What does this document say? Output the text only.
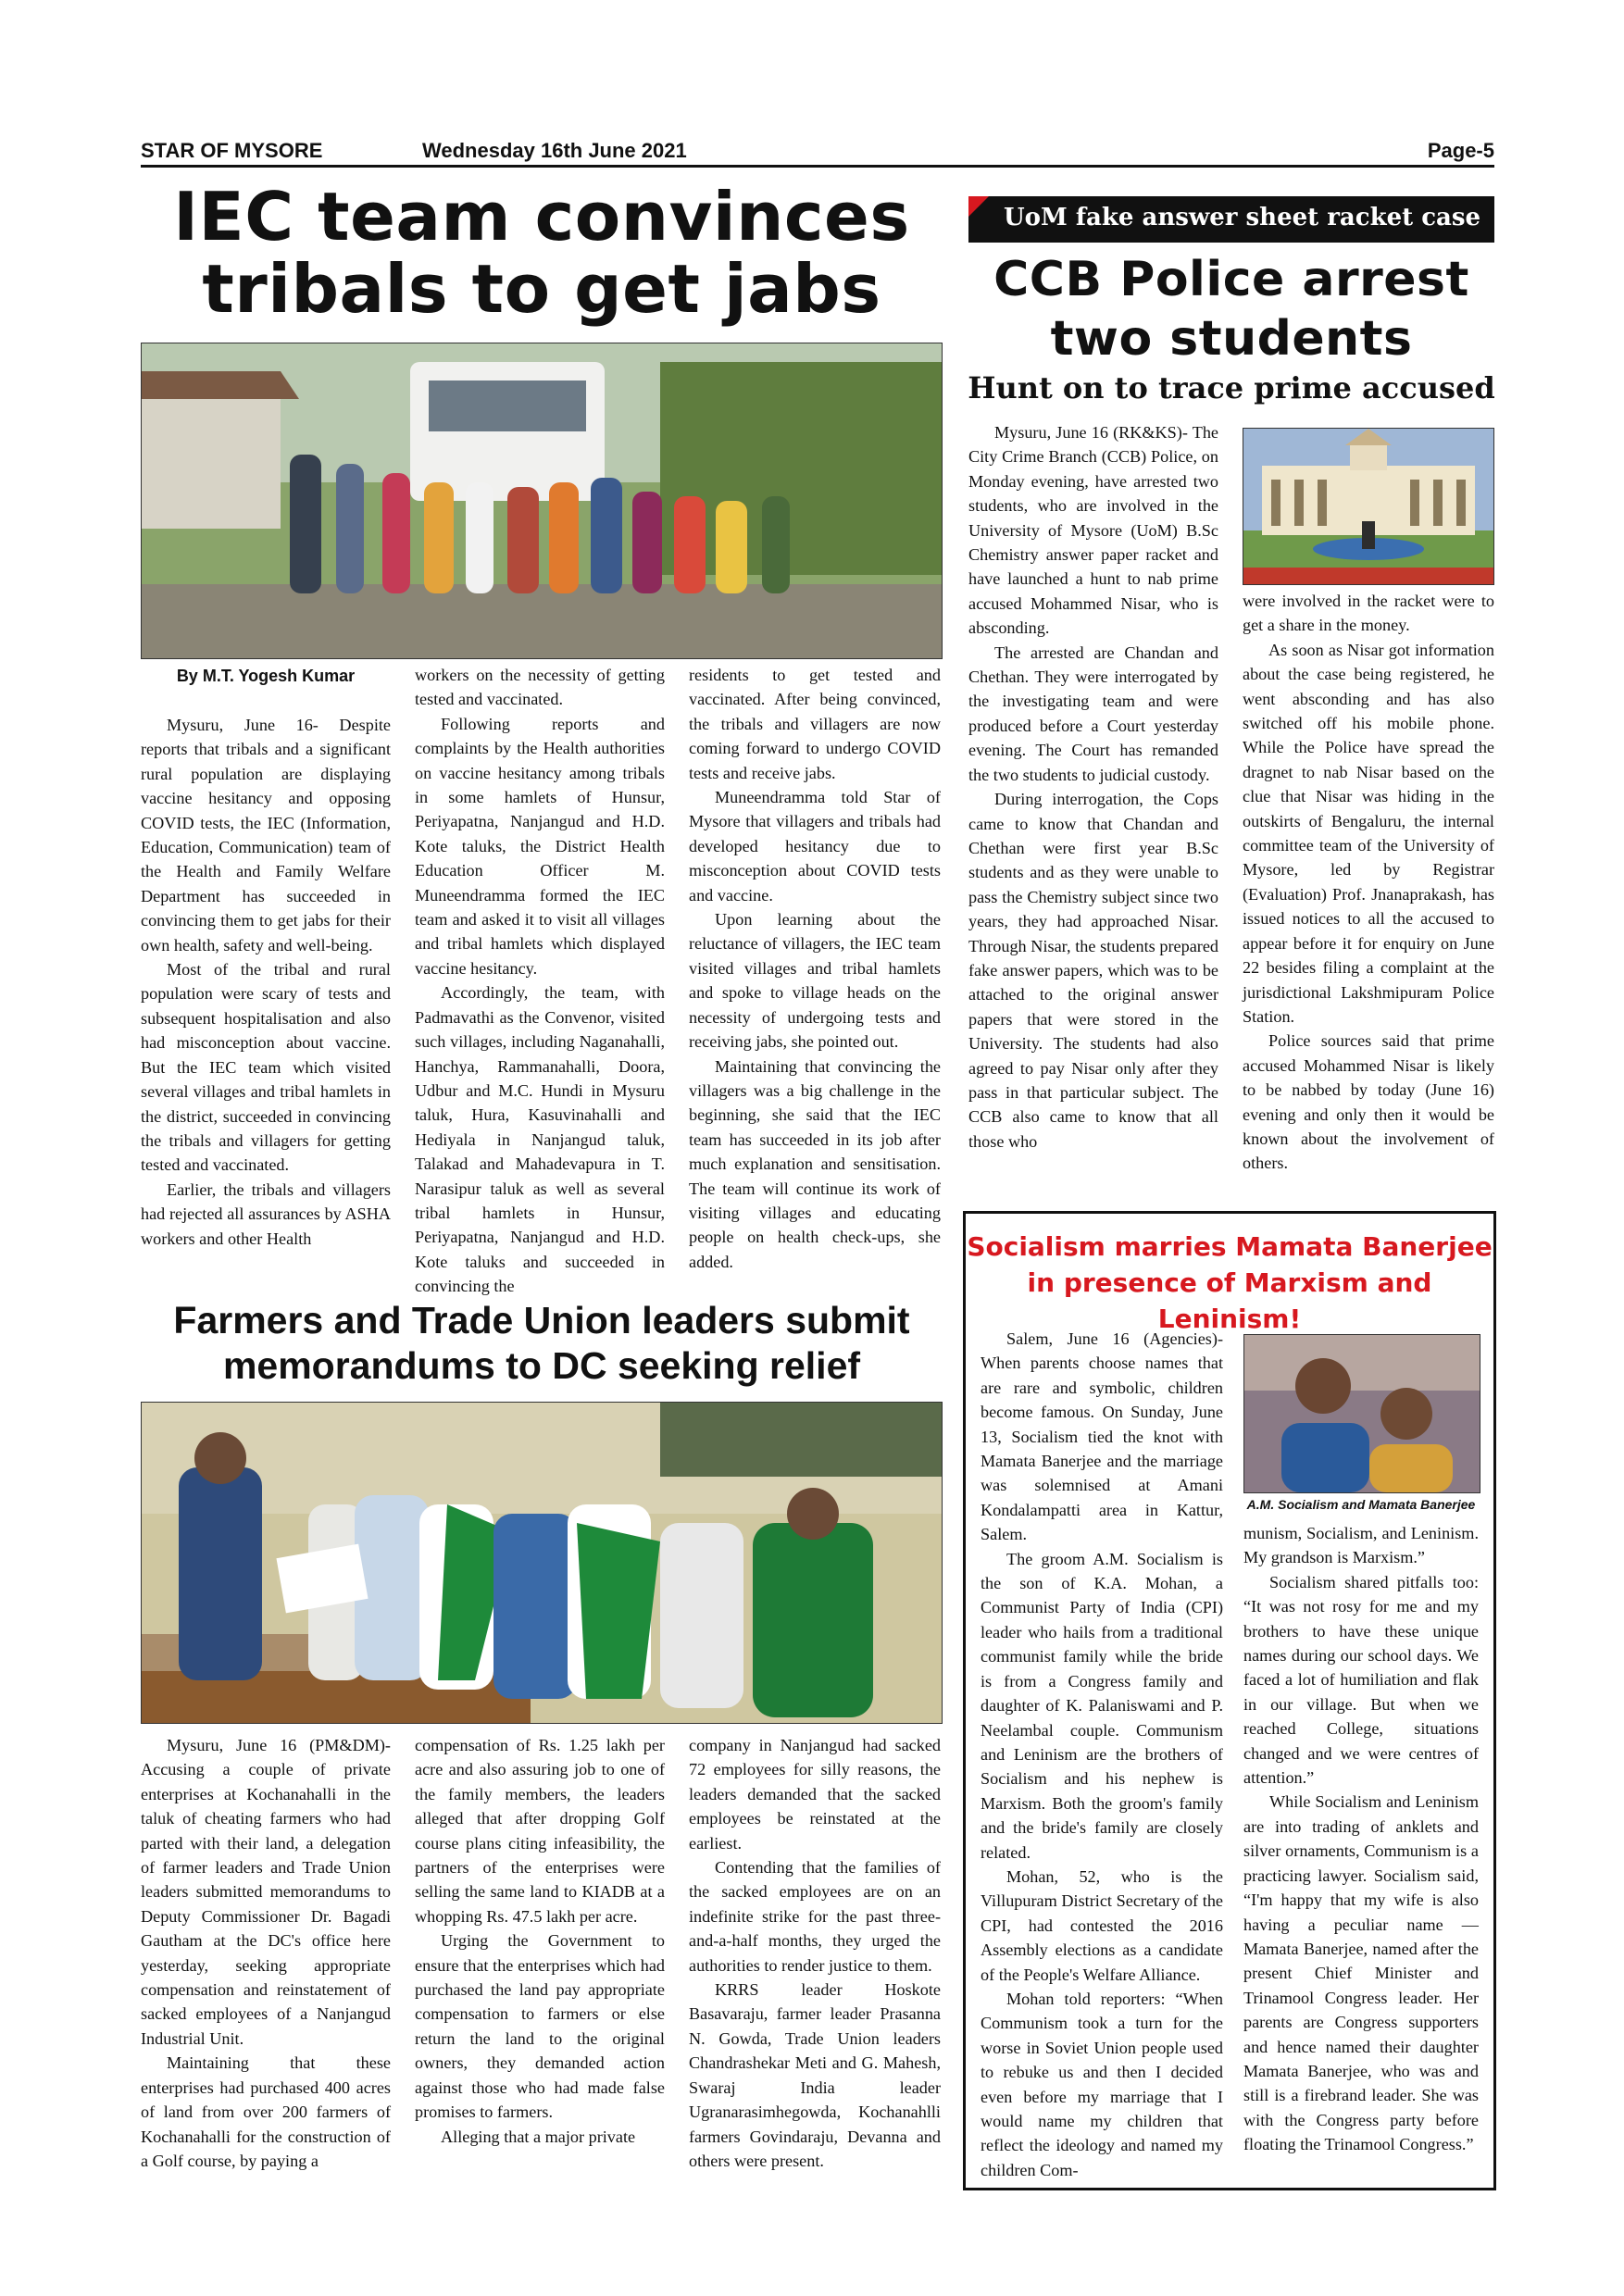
STAR OF MYSORE	Wednesday 16th June 2021	Page-5
IEC team convinces
tribals to get jabs
By M.T. Yogesh Kumar

Mysuru, June 16- Despite reports that tribals and a significant rural population are displaying vaccine hesitancy and opposing COVID tests, the IEC (Information, Education, Communication) team of the Health and Family Welfare Department has succeeded in convincing them to get jabs for their own health, safety and well-being.

Most of the tribal and rural population were scary of tests and subsequent hospitalisation and also had misconception about vaccine. But the IEC team which visited several villages and tribal hamlets in the district, succeeded in convincing the tribals and villagers for getting tested and vaccinated.

Earlier, the tribals and villagers had rejected all assurances by ASHA workers and other Health

workers on the necessity of getting tested and vaccinated.

Following reports and complaints by the Health authorities on vaccine hesitancy among tribals in some hamlets of Hunsur, Periyapatna, Nanjangud and H.D. Kote taluks, the District Health Education Officer M. Muneendramma formed the IEC team and asked it to visit all villages and tribal hamlets which displayed vaccine hesitancy.

Accordingly, the team, with Padmavathi as the Convenor, visited such villages, including Naganahalli, Hanchya, Rammanahalli, Doora, Udbur and M.C. Hundi in Mysuru taluk, Hura, Kasuvinahalli and Hediyala in Nanjangud taluk, Talakad and Mahadevapura in T. Narasipur taluk as well as several tribal hamlets in Hunsur, Periyapatna, Nanjangud and H.D. Kote taluks and succeeded in convincing the

residents to get tested and vaccinated. After being convinced, the tribals and villagers are now coming forward to undergo COVID tests and receive jabs.

Muneendramma told Star of Mysore that villagers and tribals had developed hesitancy due to misconception about COVID tests and vaccine.

Upon learning about the reluctance of villagers, the IEC team visited villages and tribal hamlets and spoke to village heads on the necessity of undergoing tests and receiving jabs, she pointed out.

Maintaining that convincing the villagers was a big challenge in the beginning, she said that the IEC team has succeeded in its job after much explanation and sensitisation. The team will continue its work of visiting villages and educating people on health check-ups, she added.

UoM fake answer sheet racket case
CCB Police arrest
two students
Hunt on to trace prime accused

Mysuru, June 16 (RK&KS)- The City Crime Branch (CCB) Police, on Monday evening, have arrested two students, who are involved in the University of Mysore (UoM) B.Sc Chemistry answer paper racket and have launched a hunt to nab prime accused Mohammed Nisar, who is absconding.

The arrested are Chandan and Chethan. They were interrogated by the investigating team and were produced before a Court yesterday evening. The Court has remanded the two students to judicial custody.

During interrogation, the Cops came to know that Chandan and Chethan were first year B.Sc students and as they were unable to pass the Chemistry subject since two years, they had approached Nisar. Through Nisar, the students prepared fake answer papers, which was to be attached to the original answer papers that were stored in the University. The students had also agreed to pay Nisar only after they pass in that particular subject. The CCB also came to know that all those who

were involved in the racket were to get a share in the money.

As soon as Nisar got information about the case being registered, he went absconding and has also switched off his mobile phone. While the Police have spread the dragnet to nab Nisar based on the clue that Nisar was hiding in the outskirts of Bengaluru, the internal committee team of the University of Mysore, led by Registrar (Evaluation) Prof. Jnanaprakash, has issued notices to all the accused to appear before it for enquiry on June 22 besides filing a complaint at the jurisdictional Lakshmipuram Police Station.

Police sources said that prime accused Mohammed Nisar is likely to be nabbed by today (June 16) evening and only then it would be known about the involvement of others.

Farmers and Trade Union leaders submit
memorandums to DC seeking relief

Mysuru, June 16 (PM&DM)- Accusing a couple of private enterprises at Kochanahalli in the taluk of cheating farmers who had parted with their land, a delegation of farmer leaders and Trade Union leaders submitted memorandums to Deputy Commissioner Dr. Bagadi Gautham at the DC's office here yesterday, seeking appropriate compensation and reinstatement of sacked employees of a Nanjangud Industrial Unit.

Maintaining that these enterprises had purchased 400 acres of land from over 200 farmers of Kochanahalli for the construction of a Golf course, by paying a

compensation of Rs. 1.25 lakh per acre and also assuring job to one of the family members, the leaders alleged that after dropping Golf course plans citing infeasibility, the partners of the enterprises were selling the same land to KIADB at a whopping Rs. 47.5 lakh per acre.

Urging the Government to ensure that the enterprises which had purchased the land pay appropriate compensation to farmers or else return the land to the original owners, they demanded action against those who had made false promises to farmers.

Alleging that a major private

company in Nanjangud had sacked 72 employees for silly reasons, the leaders demanded that the sacked employees be reinstated at the earliest.

Contending that the families of the sacked employees are on an indefinite strike for the past three-and-a-half months, they urged the authorities to render justice to them.

KRRS leader Hoskote Basavaraju, farmer leader Prasanna N. Gowda, Trade Union leaders Chandrashekar Meti and G. Mahesh, Swaraj India leader Ugranarasimhegowda, Kochanahlli farmers Govindaraju, Devanna and others were present.

Socialism marries Mamata Banerjee
in presence of Marxism and Leninism!

Salem, June 16 (Agencies)- When parents choose names that are rare and symbolic, children become famous. On Sunday, June 13, Socialism tied the knot with Mamata Banerjee and the marriage was solemnised at Amani Kondalampatti area in Kattur, Salem.

The groom A.M. Socialism is the son of K.A. Mohan, a Communist Party of India (CPI) leader who hails from a traditional communist family while the bride is from a Congress family and daughter of K. Palaniswami and P. Neelambal couple. Communism and Leninism are the brothers of Socialism and his nephew is Marxism. Both the groom's family and the bride's family are closely related.

Mohan, 52, who is the Villupuram District Secretary of the CPI, had contested the 2016 Assembly elections as a candidate of the People's Welfare Alliance.

Mohan told reporters: “When Communism took a turn for the worse in Soviet Union people used to rebuke us and then I decided even before my marriage that I would name my children that reflect the ideology and named my children Com-

A.M. Socialism and Mamata Banerjee

munism, Socialism, and Leninism. My grandson is Marxism.”

Socialism shared pitfalls too: “It was not rosy for me and my brothers to have these unique names during our school days. We faced a lot of humiliation and flak in our village. But when we reached College, situations changed and we were centres of attention.”

While Socialism and Leninism are into trading of anklets and silver ornaments, Communism is a practicing lawyer. Socialism said, “I'm happy that my wife is also having a peculiar name — Mamata Banerjee, named after the present Chief Minister and Trinamool Congress leader. Her parents are Congress supporters and hence named their daughter Mamata Banerjee, who was and still is a firebrand leader. She was with the Congress party before floating the Trinamool Congress.”
